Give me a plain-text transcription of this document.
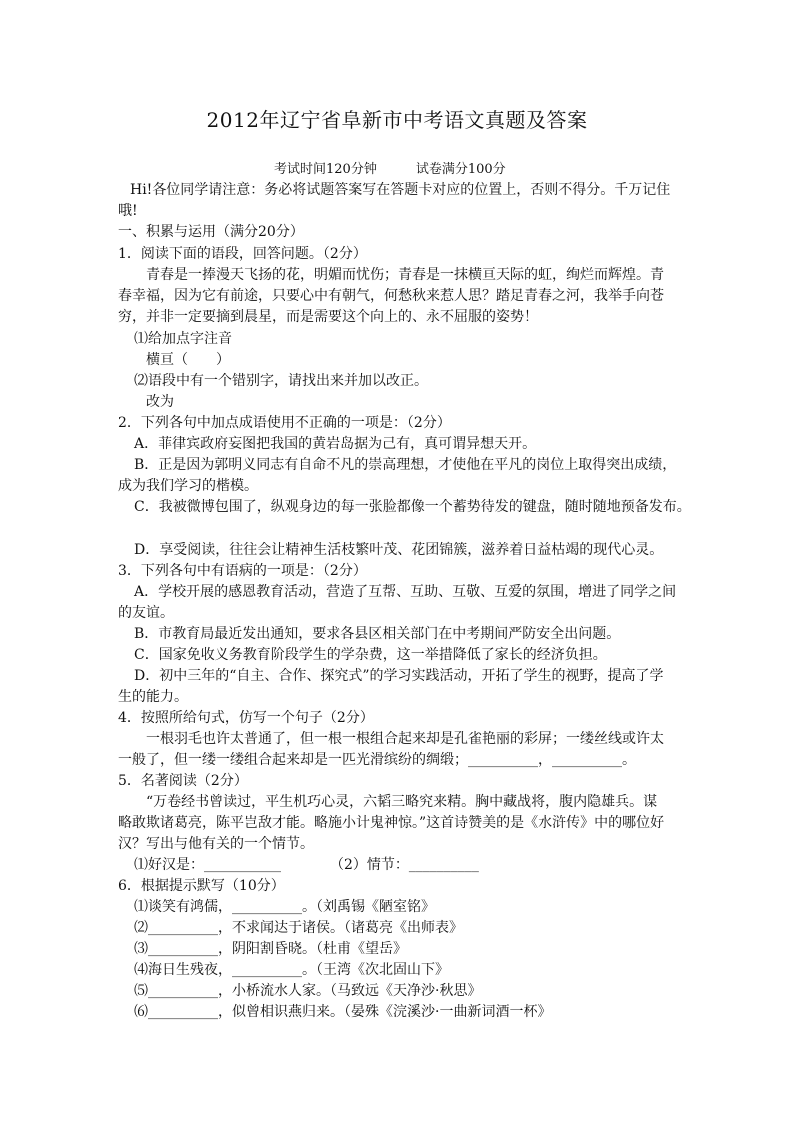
2012年辽宁省阜新市中考语文真题及答案
考试时间120分钟　　　试卷满分100分
Hi!各位同学请注意：务必将试题答案写在答题卡对应的位置上，否则不得分。千万记住
哦!
一、积累与运用（满分20分）
1．阅读下面的语段，回答问题。（2分）
青春是一捧漫天飞扬的花，明媚而忧伤；青春是一抹横亘天际的虹，绚烂而辉煌。青
春幸福，因为它有前途，只要心中有朝气，何愁秋来惹人思？踏足青春之河，我举手向苍
穷，并非一定要摘到晨星，而是需要这个向上的、永不屈服的姿势！
⑴给加点字注音
横亘（　　）
⑵语段中有一个错别字，请找出来并加以改正。
改为
2．下列各句中加点成语使用不正确的一项是：（2分）
A．菲律宾政府妄图把我国的黄岩岛据为己有，真可谓异想天开。
B．正是因为郭明义同志有自命不凡的崇高理想，才使他在平凡的岗位上取得突出成绩，
成为我们学习的楷模。
C．我被微博包围了，纵观身边的每一张脸都像一个蓄势待发的键盘，随时随地预备发布。
D．享受阅读，往往会让精神生活枝繁叶茂、花团锦簇，滋养着日益枯竭的现代心灵。
3．下列各句中有语病的一项是：（2分）
A．学校开展的感恩教育活动，营造了互帮、互助、互敬、互爱的氛围，增进了同学之间
的友谊。
B．市教育局最近发出通知，要求各县区相关部门在中考期间严防安全出问题。
C．国家免收义务教育阶段学生的学杂费，这一举措降低了家长的经济负担。
D．初中三年的“自主、合作、探究式”的学习实践活动，开拓了学生的视野，提高了学
生的能力。
4．按照所给句式，仿写一个句子（2分）
一根羽毛也许太普通了，但一根一根组合起来却是孔雀艳丽的彩屏；一缕丝线或许太
一般了，但一缕一缕组合起来却是一匹光滑缤纷的绸缎；__________，__________。
5．名著阅读（2分）
“万卷经书曾读过，平生机巧心灵，六韬三略究来精。胸中藏战将，腹内隐雄兵。谋
略敢欺诸葛亮，陈平岂敌才能。略施小计鬼神惊。”这首诗赞美的是《水浒传》中的哪位好
汉？写出与他有关的一个情节。
⑴好汉是：___________	（2）情节：__________
6．根据提示默写（10分）
⑴谈笑有鸿儒，__________。（刘禹锡《陋室铭》
⑵__________，不求闻达于诸侯。（诸葛亮《出师表》
⑶__________，阴阳割昏晓。（杜甫《望岳》
⑷海日生残夜，__________。（王湾《次北固山下》
⑸__________，小桥流水人家。（马致远《天净沙·秋思》
⑹__________，似曾相识燕归来。（晏殊《浣溪沙·一曲新词酒一杯》
